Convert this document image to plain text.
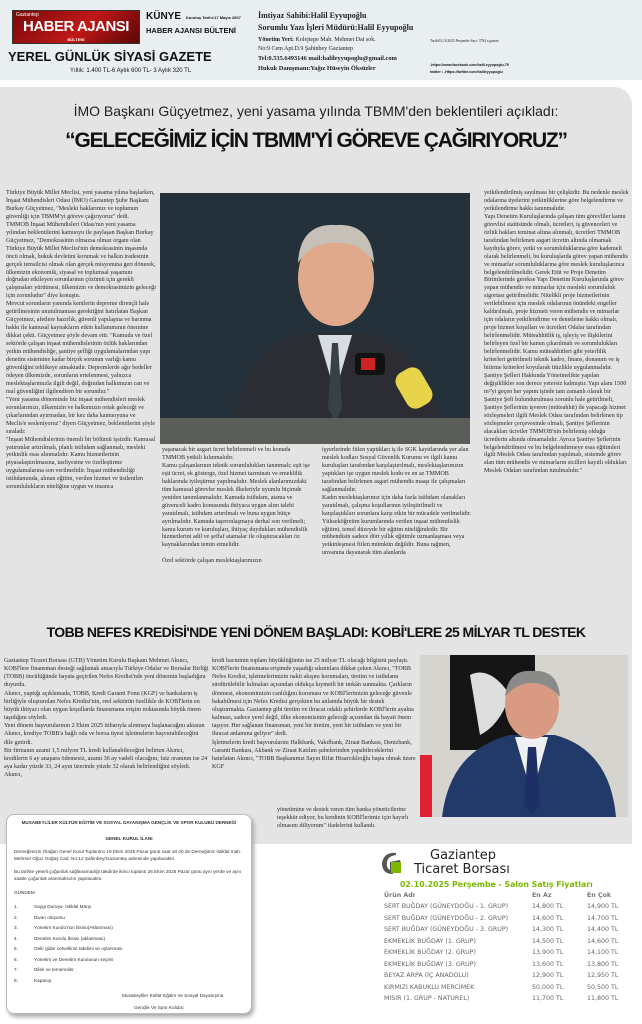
Gaziantep
HABER AJANSI
BÜLTENİ
KÜNYE Kuruluş Tarihi:17 Mayıs 2007
HABER AJANSI BÜLTENİ
YEREL GÜNLÜK SİYASİ GAZETE
Yıllık: 1.400 TL-6 Aylık 600 TL- 3 Aylık 320 TL
İmtiyaz Sahibi:Halil Eyyupoğlu
Sorumlu Yazı İşleri Müdürü:Halil Eyyupoğlu
Yönetim Yeri: Kolejtepe Mah. Mehmet Dai sok.
No:9 Cem Apt.D.9 Şahinbey Gaziantep
Tel:0.535.6493146 mail:halileyyupoglu@gmail.com
Hukuk Danışmanı:Yağız Hüseyin Öksüzler
Tarih:02.10.2025 Perşembe Sayı: 3794 a gazete
-https://www.facebook.com/halil.eyyupoglu.75
twitter • -Https://twitter.com/halileyyupoglu
İMO Başkanı Güçyetmez, yeni yasama yılında TBMM'den beklentileri açıkladı:
“GELECEĞİMİZ İÇİN TBMM'Yİ GÖREVE ÇAĞIRIYORUZ”

Türkiye Büyük Millet Meclisi, yeni yasama yılına başlarken, İnşaat Mühendisleri Odası (İMO) Gaziantep Şube Başkanı Burkay Güçyetmez, "Mesleki haklarımız ve toplumun güvenliği için TBMM'yi göreve çağırıyoruz" dedi.

TMMOB İnşaat Mühendisleri Odası'nın yeni yasama yılından beklentilerini kamuoyu ile paylaşan Başkan Burkay Güçyetmez, "Demokrasinin olmazsa olmaz organı olan Türkiye Büyük Millet Meclisi'nin demokrasinin inşasında öncü olmak, hukuk devletini korumak ve halkın iradesinin gerçek temsilcisi olmak olan gerçek misyonuna geri dönerek, ülkemizin ekonomik, siyasal ve toplumsal yaşamını doğrudan etkileyen sorunlarının çözümü için gerekli çalışmaları yürütmesi, ülkemizin ve demokrasimizin geleceği için zorunludur" diye konuştu.

Mevcut sorunların yanında kentlerin depreme dirençli hale getirilmesinin unutulmaması gerektiğini hatırlatan Başkan Güçyetmez, afetlere hazırlık, güvenli yapılaşma ve barınma hakkı ile kamusal kaynakların etkin kullanımının önemine dikkat çekti. Güçyetmez şöyle devam etti: "Kamuda ve özel sektörde çalışan inşaat mühendislerinin özlük haklarından yetkin mühendisliğe, şantiye şefliği uygulamalarından yapı denetim sistemine kadar birçok sorunun varlığı kamu güvenliğini tehlikeye atmaktadır. Depremlerde ağır bedeller ödeyen ülkemizde, sorunların ertelenmesi, yalnızca meslektaşlarımızla ilgili değil, doğrudan halkımızın can ve mal güvenliğini ilgilendiren bir sorundur."

"Yeni yasama döneminde biz inşaat mühendisleri meslek sorunlarımızı, ülkemizin ve halkımızın ortak geleceği ve çıkarlarından ayırmadan, bir kez daha kamuoyuna ve Meclis'e sesleniyoruz" diyen Güçyetmez, beklentilerini şöyle sıraladı:

"İnşaat Mühendislerinin önemli bir bölümü işsizdir. Kamusal yatırımlar artırılmalı, planlı istihdam sağlanmalı, mesleki yetkinlik esas alınmalıdır. Kamu hizmetlerinin piyasalaştırılmasına, tasfiyesine ve özelleştirme uygulamalarına son verilmelidir. İnşaat mühendisliği istihdamında, alınan eğitim, verilen hizmet ve üstlenilen sorumlulukların niteliğine uygun ve insanca

yaşanacak bir asgari ücret belirlenmeli ve bu konuda TMMOB yetkili kılınmalıdır.

Kamu çalışanlarının teknik sorumlulukları tanınmalı; eşit işe eşit ücret, ek gösterge, özel hizmet tazminatı ve emeklilik haklarında iyileştirme yapılmalıdır. Meslek alanlarımızdaki tüm kamusal görevler meslek ilkeleriyle uyumlu biçimde yeniden tanımlanmalıdır. Kamuda istihdam, atama ve güvenceli kadro konusunda ihtiyaca uygun alım talebi yaratılmalı, istihdam artırılmalı ve buna uygun bütçe ayrılmalıdır. Kamuda taşeronlaşmaya derhal son verilmeli; kamu kurum ve kuruluşları, ihtiyaç duydukları mühendislik hizmetlerini adil ve şeffaf atamalar ile oluşturacakları öz kaynaklarından temin etmelidir.

Özel sektörde çalışan meslektaşlarımızın

işyerlerinde fiilen yaptıkları iş ile SGK kayıtlarında yer alan meslek kodları Sosyal Güvenlik Kurumu ve ilgili kamu kuruluşları tarafından karşılaştırılmalı, meslektaşlarımızın yaptıkları işe uygun meslek kodu ve en az TMMOB tarafından belirlenen asgari mühendis maaşı ile çalışmaları sağlanmalıdır.

Kadın meslektaşlarımız için daha fazla istihdam olanakları yaratılmalı, çalışma koşullarının iyileştirilmeli ve karşılaştıkları sorunlara karşı etkin bir mücadele verilmelidir.

Yükseköğretim kurumlarında verilen inşaat mühendislik eğitimi, temel düzeyde bir eğitim niteliğindedir. Bir mühendisin sadece dört yıllık eğitimle uzmanlaşması veya yetkinleşmesi fiilen mümkün değildir. Buna rağmen, unvanına dayanarak tüm alanlarda

yetkilendirilmiş sayılması bir çelişkidir. Bu nedenle meslek odalarına üyelerini yetkinliklerine göre belgelendirme ve yetkilendirme hakkı tanınmalıdır.

Yapı Denetim Kuruluşlarında çalışan tüm görevliler kamu görevlisi statüsünde olmalı, ücretleri, iş güvenceleri ve özlük hakları teminat altına alınmalı, ücretleri TMMOB tarafından belirlenen asgari ücretin altında olmamak kaydıyla görev, yetki ve sorumluluklarına göre kademeli olarak belirlenmeli, bu kuruluşlarda görev yapan mühendis ve mimarlar sorumluluklarına göre meslek kuruluşlarınca belgelendirilmelidir. Gerek Etüt ve Proje Denetim Birimlerinde gerekse Yapı Denetim Kuruluşlarında görev yapan mühendis ve mimarlar için mesleki sorumluluk sigortası getirilmelidir. Nitelikli proje hizmetlerinin verilebilmesi için meslek odalarının önündeki engeller kaldırılmalı, proje hizmeti veren mühendis ve mimarlar için odaların yetkilendirme ve denetleme hakkı olmalı, proje hizmet koşulları ve ücretleri Odalar tarafından belirlenmelidir. Müteahhitlik iş, işleyiş ve ilişkilerini belirleyen özel bir kanun çıkarılmalı ve sorumlulukları belirlenmelidir. Kamu müteahhitleri gibi yeterlilik kriterleri getirilmeli teknik kadro, finans, donanım ve iş bitirme kriterleri koyularak titizlikle uygulanmalıdır. Şantiye Şefleri Hakkında Yönetmelikte yapılan değişiklikler son derece yetersiz kalmıştır. Yapı alanı 1500 m²'yi geçen her yapım işinde tam zamanlı olarak bir Şantiye Şefi bulundurulması zorunlu hale getirilmeli, Şantiye Şeflerinin işveren (müteahhit) ile yapacağı hizmet sözleşmeleri ilgili Meslek Odası tarafından belirlenen tip sözleşmeler çerçevesinde olmalı, Şantiye Şeflerinin alacakları ücretler TMMOB'nin belirlemiş olduğu ücretlerin altında olmamalıdır. Ayrıca Şantiye Şeflerinin belgelendirilmesi ve bu belgelendirmeye esas eğitimleri ilgili Meslek Odası tarafından yapılmalı, sistemde görev alan tüm mühendis ve mimarların sicilleri kayıtlı oldukları Meslek Odaları tarafından tutulmalıdır."

TOBB NEFES KREDİSİ'NDE YENİ DÖNEM BAŞLADI: KOBİ'LERE 25 MİLYAR TL DESTEK

Gaziantep Ticaret Borsası (GTB) Yönetim Kurulu Başkanı Mehmet Akıncı, KOBİ'lere finansman desteği sağlamak amacıyla Türkiye Odalar ve Borsalar Birliği (TOBB) öncülüğünde hayata geçirilen Nefes Kredisi'nde yeni dönemin başladığını duyurdu.

Akıncı, yaptığı açıklamada, TOBB, Kredi Garanti Fonu (KGF) ve bankaların iş birliğiyle oluşturulan Nefes Kredisi'nin, reel sektörün özellikle de KOBİ'lerin en büyük ihtiyacı olan uygun koşullarda finansmana erişim noktasında büyük önem taşıdığını söyledi.

Yeni dönem başvurularının 2 Ekim 2025 itibarıyla alınmaya başlanacağını aktaran Akıncı, krediye TOBB'a bağlı oda ve borsa üyesi işletmelerin başvurabileceğini dile getirdi.

Bir firmanın azami 1,5 milyon TL kredi kullanabileceğini belirten Akıncı, kredilerin 6 ay anapara ödemesiz, azami 36 ay vadeli olacağını, faiz oranının ise 24 aya kadar yüzde 33, 24 ayın üzerinde yüzde 32 olarak belirlendiğini söyledi. Akıncı,

kredi hacminin toplam büyüklüğünün ise 25 milyar TL olacağı bilgisini paylaştı.

KOBİ'lerin finansmana erişimde yaşadığı sıkıntılara dikkat çeken Akıncı, "TOBB Nefes Kredisi, işletmelerimizin nakit akışını korumaları, üretim ve istihdamı sürdürülebilir kılmaları açısından oldukça kıymetli bir imkân sunmakta. Çarkların dönmesi, ekonomimizin canlılığını koruması ve KOBİ'lerimizin geleceğe güvenle bakabilmesi için Nefes Kredisi gerçekten bu anlamda büyük bir destek oluşturmakta. Gaziantep gibi üretim ve ihracat odaklı şehirlerde KOBİ'lerin ayakta kalması, sadece yerel değil, ülke ekonomisinin geleceği açısından da hayati önem taşıyor. Her sağlanan finansman, yeni bir üretim, yeni bir istihdam ve yeni bir ihracat anlamına geliyor" dedi.

İşletmelerin kredi başvurularını Halkbank, Vakıfbank, Ziraat Bankası, Denizbank, Garanti Bankası, Akbank ve Ziraat Katılım şubelerinden yapabileceklerini hatırlatan Akıncı, "TOBB Başkanımız Sayın Rifat Hisarcıklıoğlu başta olmak üzere KGF

yönetimine ve destek veren tüm banka yöneticilerine teşekkür ediyor, bu kredinin KOBİ'lerimiz için hayırlı olmasını diliyorum" ifadelerini kullandı.
MUSABEYLİLER KÜLTÜR EĞİTİM VE SOSYAL DAYANIŞMA GENÇLİK VE SPOR KULUBÜ DERNEĞİ
GENEL KURUL İLANI
Derneğimizin Olağan Genel Kurul Toplantısı 19 Ekim 2025 Pazar günü saat 18.00 de Derneğimiz İstiklal mah. Mehmet Oğuz Göğüş Cad. No:12 Şahinbey/Gaziantep adresinde yapılacaktır.
Bu tarihte yeterli çoğunluk sağlanamadığı takdirde ikinci toplantı 26 Ekim 2025 Pazar günü aynı yerde ve aynı saatte çoğunluk aranmaksızın yapılacaktır.
GÜNDEM
1.	Saygı Duruşu- İstiklal Marşı
2.	Divan oluşumu
3.	Yönetim Kurulu'nun İbrası(Aklanması)
4.	Denetim Kurulu İbrası (aklanması)
5.	Gelir gider cetvellinin takdimi ve oylanması
6.	Yönetim ve Denetim Kurulunun seçimi
7.	Dilek ve temenniler
8.	Kapanış
Musabeyliler Kültür Eğitim Ve Sosyal Dayanışma
Gençlik Ve Spor Kulubü
Gaziantep
Ticaret Borsası
02.10.2025 Perşembe - Salon Satış Fiyatları
Ürün Adı	En Az	En Çok
SERT BUĞDAY (GÜNEYDOĞU - 1. GRUP)	14,800 TL	14,900 TL
SERT BUĞDAY (GÜNEYDOĞU - 2. GRUP)	14,600 TL	14,700 TL
SERT BUĞDAY (GÜNEYDOĞU - 3. GRUP)	14,300 TL	14,400 TL
EKMEKLİK BUĞDAY (1. GRUP)	14,500 TL	14,600 TL
EKMEKLİK BUĞDAY (2. GRUP)	13,900 TL	14,100 TL
EKMEKLİK BUĞDAY (3. GRUP)	13,600 TL	13,800 TL
BEYAZ ARPA (İÇ ANADOLU)	12,900 TL	12,950 TL
KIRMIZI KABUKLU MERCİMEK	50,000 TL	50,500 TL
MISIR (1. GRUP - NATUREL)	11,700 TL	11,800 TL
